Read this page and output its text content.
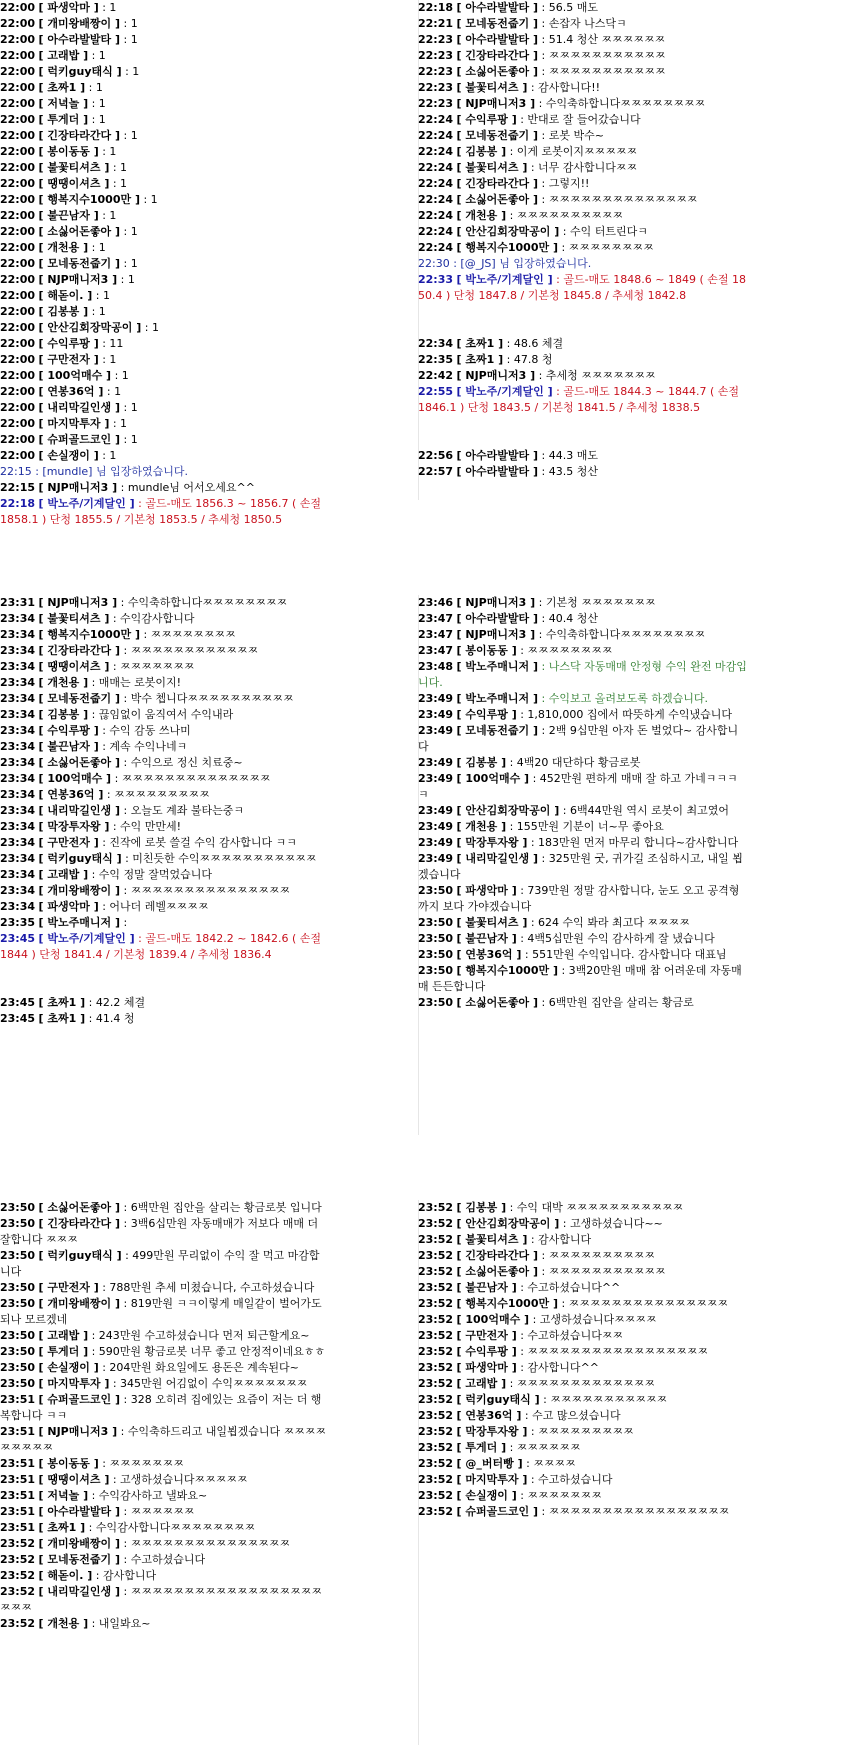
22:00 [ 파생악마 ] : 1
22:00 [ 개미왕배짱이 ] : 1
22:00 [ 아수라발발타 ] : 1
22:00 [ 고래밥 ] : 1
22:00 [ 럭키guy태식 ] : 1
22:00 [ 초짜1 ] : 1
22:00 [ 저녁놀 ] : 1
22:00 [ 투게더 ] : 1
22:00 [ 긴장타라간다 ] : 1
22:00 [ 봉이동동 ] : 1
22:00 [ 불꽃티셔츠 ] : 1
22:00 [ 땡땡이셔츠 ] : 1
22:00 [ 행복지수1000만 ] : 1
22:00 [ 불끈남자 ] : 1
22:00 [ 소싫어돈좋아 ] : 1
22:00 [ 개천용 ] : 1
22:00 [ 모네동전줍기 ] : 1
22:00 [ NJP매니저3 ] : 1
22:00 [ 해돋이. ] : 1
22:00 [ 김봉봉 ] : 1
22:00 [ 안산김회장막공이 ] : 1
22:00 [ 수익루팡 ] : 11
22:00 [ 구만전자 ] : 1
22:00 [ 100억매수 ] : 1
22:00 [ 연봉36억 ] : 1
22:00 [ 내리막길인생 ] : 1
22:00 [ 마지막투자 ] : 1
22:00 [ 슈퍼골드코인 ] : 1
22:00 [ 손실쟁이 ] : 1
22:15 : [mundle] 님 입장하였습니다.
22:15 [ NJP매니저3 ] : mundle님 어서오세요^^
22:18 [ 박노주/기계달인 ] : 골드-매도 1856.3 ~ 1856.7 ( 손절 1858.1 ) 단청 1855.5 / 기본청 1853.5 / 추세청 1850.5
22:18 [ 아수라발발타 ] : 56.5 매도
22:21 [ 모네동전줍기 ] : 손잡자 나스닥ㅋ
22:23 [ 아수라발발타 ] : 51.4 청산 ㅉㅉㅉㅉㅉㅉ
22:23 [ 긴장타라간다 ] : ㅉㅉㅉㅉㅉㅉㅉㅉㅉㅉㅉ
22:23 [ 소싫어돈좋아 ] : ㅉㅉㅉㅉㅉㅉㅉㅉㅉㅉㅉ
22:23 [ 불꽃티셔츠 ] : 감사합니다!!
22:23 [ NJP매니저3 ] : 수익축하합니다ㅉㅉㅉㅉㅉㅉㅉㅉ
22:24 [ 수익루팡 ] : 반대로 잘 들어갔습니다
22:24 [ 모네동전줍기 ] : 로봇 박수~
22:24 [ 김봉봉 ] : 이게 로봇이지ㅉㅉㅉㅉㅉ
22:24 [ 불꽃티셔츠 ] : 너무 감사합니다ㅉㅉ
22:24 [ 긴장타라간다 ] : 그렇지!!
22:24 [ 소싫어돈좋아 ] : ㅉㅉㅉㅉㅉㅉㅉㅉㅉㅉㅉㅉㅉㅉ
22:24 [ 개천용 ] : ㅉㅉㅉㅉㅉㅉㅉㅉㅉㅉ
22:24 [ 안산김회장막공이 ] : 수익 터트린다ㅋ
22:24 [ 행복지수1000만 ] : ㅉㅉㅉㅉㅉㅉㅉㅉ
22:30 : [@_JS] 님 입장하였습니다.
22:33 [ 박노주/기계달인 ] : 골드-매도 1848.6 ~ 1849 ( 손절 1850.4 ) 단청 1847.8 / 기본청 1845.8 / 추세청 1842.8
22:34 [ 초짜1 ] : 48.6 체결
22:35 [ 초짜1 ] : 47.8 청
22:42 [ NJP매니저3 ] : 추세청 ㅉㅉㅉㅉㅉㅉㅉ
22:55 [ 박노주/기계달인 ] : 골드-매도 1844.3 ~ 1844.7 ( 손절 1846.1 ) 단청 1843.5 / 기본청 1841.5 / 추세청 1838.5
22:56 [ 아수라발발타 ] : 44.3 매도
22:57 [ 아수라발발타 ] : 43.5 청산
23:31 [ NJP매니저3 ] : 수익축하합니다ㅉㅉㅉㅉㅉㅉㅉㅉ
23:34 [ 불꽃티셔츠 ] : 수익감사합니다
23:34 [ 행복지수1000만 ] : ㅉㅉㅉㅉㅉㅉㅉㅉ
23:34 [ 긴장타라간다 ] : ㅉㅉㅉㅉㅉㅉㅉㅉㅉㅉㅉㅉ
23:34 [ 땡땡이셔츠 ] : ㅉㅉㅉㅉㅉㅉㅉ
23:34 [ 개천용 ] : 매매는 로봇이지!
23:34 [ 모네동전줍기 ] : 박수 쳅니다ㅉㅉㅉㅉㅉㅉㅉㅉㅉㅉ
23:34 [ 김봉봉 ] : 끊임없이 움직여서 수익내라
23:34 [ 수익루팡 ] : 수익 감동 쓰나미
23:34 [ 불끈남자 ] : 계속 수익나네ㅋ
23:34 [ 소싫어돈좋아 ] : 수익으로 정신 치료중~
23:34 [ 100억매수 ] : ㅉㅉㅉㅉㅉㅉㅉㅉㅉㅉㅉㅉㅉㅉ
23:34 [ 연봉36억 ] : ㅉㅉㅉㅉㅉㅉㅉㅉㅉ
23:34 [ 내리막길인생 ] : 오늘도 계좌 불타는중ㅋ
23:34 [ 막장투자왕 ] : 수익 만만세!
23:34 [ 구만전자 ] : 진작에 로봇 쓸걸 수익 감사합니다 ㅋㅋ
23:34 [ 럭키guy태식 ] : 미친듯한 수익ㅉㅉㅉㅉㅉㅉㅉㅉㅉㅉㅉ
23:34 [ 고래밥 ] : 수익 정말 잘먹었습니다
23:34 [ 개미왕배짱이 ] : ㅉㅉㅉㅉㅉㅉㅉㅉㅉㅉㅉㅉㅉㅉㅉ
23:34 [ 파생악마 ] : 어나더 레벨ㅉㅉㅉㅉ
23:35 [ 박노주매니저 ] :
23:45 [ 박노주/기계달인 ] : 골드-매도 1842.2 ~ 1842.6 ( 손절 1844 ) 단청 1841.4 / 기본청 1839.4 / 추세청 1836.4
23:45 [ 초짜1 ] : 42.2 체결
23:45 [ 초짜1 ] : 41.4 청
23:46 [ NJP매니저3 ] : 기본청 ㅉㅉㅉㅉㅉㅉㅉ
23:47 [ 아수라발발타 ] : 40.4 청산
23:47 [ NJP매니저3 ] : 수익축하합니다ㅉㅉㅉㅉㅉㅉㅉㅉ
23:47 [ 봉이동동 ] : ㅉㅉㅉㅉㅉㅉㅉㅉ
23:48 [ 박노주매니저 ] : 나스닥 자동매매 안정형 수익 완전 마감입니다.
23:49 [ 박노주매니저 ] : 수익보고 올려보도록 하겠습니다.
23:49 [ 수익루팡 ] : 1,810,000 집에서 따뜻하게 수익냈습니다
23:49 [ 모네동전줍기 ] : 2백 9십만원 아자 돈 벌었다~ 감사합니다
23:49 [ 김봉봉 ] : 4백20 대단하다 황금로봇
23:49 [ 100억매수 ] : 452만원 편하게 매매 잘 하고 가네ㅋㅋㅋㅋ
23:49 [ 안산김회장막공이 ] : 6백44만원 역시 로봇이 최고였어
23:49 [ 개천용 ] : 155만원 기분이 너~무 좋아요
23:49 [ 막장투자왕 ] : 183만원 먼저 마무리 합니다~감사합니다
23:49 [ 내리막길인생 ] : 325만원 굿, 귀가길 조심하시고, 내일 뵙겠습니다
23:50 [ 파생악마 ] : 739만원 정말 감사합니다, 눈도 오고 공격형까지 보다 가야겠습니다
23:50 [ 불꽃티셔츠 ] : 624 수익 봐라 최고다 ㅉㅉㅉㅉ
23:50 [ 불끈남자 ] : 4백5십만원 수익 감사하게 잘 냈습니다
23:50 [ 연봉36억 ] : 551만원 수익입니다. 감사합니다 대표님
23:50 [ 행복지수1000만 ] : 3백20만원 매매 참 어려운데 자동매매 든든합니다
23:50 [ 소싫어돈좋아 ] : 6백만원 집안을 살리는 황금로
23:50 [ 소싫어돈좋아 ] : 6백만원 집안을 살리는 황금로봇 입니다
23:50 [ 긴장타라간다 ] : 3백6십만원 자동매매가 저보다 매매 더 잘합니다 ㅉㅉㅉ
23:50 [ 럭키guy태식 ] : 499만원 무리없이 수익 잘 먹고 마감합니다
23:50 [ 구만전자 ] : 788만원 추세 미쳤습니다, 수고하셨습니다
23:50 [ 개미왕배짱이 ] : 819만원 ㅋㅋ이렇게 매일같이 벌어가도 되나 모르겠네
23:50 [ 고래밥 ] : 243만원 수고하셨습니다 먼저 퇴근할게요~
23:50 [ 투게더 ] : 590만원 황금로봇 너무 좋고 안정적이네요ㅎㅎ
23:50 [ 손실쟁이 ] : 204만원 화요일에도 용돈은 계속된다~
23:50 [ 마지막투자 ] : 345만원 어김없이 수익ㅉㅉㅉㅉㅉㅉㅉ
23:51 [ 슈퍼골드코인 ] : 328 오히려 집에있는 요즘이 저는 더 행복합니다 ㅋㅋ
23:51 [ NJP매니저3 ] : 수익축하드리고 내일뵙겠습니다 ㅉㅉㅉㅉㅉㅉㅉㅉㅉ
23:51 [ 봉이동동 ] : ㅉㅉㅉㅉㅉㅉㅉ
23:51 [ 땡땡이셔츠 ] : 고생하셨습니다ㅉㅉㅉㅉㅉ
23:51 [ 저녁놀 ] : 수익감사하고 낼봐요~
23:51 [ 아수라발발타 ] : ㅉㅉㅉㅉㅉㅉ
23:51 [ 초짜1 ] : 수익감사합니다ㅉㅉㅉㅉㅉㅉㅉㅉ
23:52 [ 개미왕배짱이 ] : ㅉㅉㅉㅉㅉㅉㅉㅉㅉㅉㅉㅉㅉㅉㅉ
23:52 [ 모네동전줍기 ] : 수고하셨습니다
23:52 [ 해돋이. ] : 감사합니다
23:52 [ 내리막길인생 ] : ㅉㅉㅉㅉㅉㅉㅉㅉㅉㅉㅉㅉㅉㅉㅉㅉㅉㅉㅉㅉㅉ
23:52 [ 개천용 ] : 내일봐요~
23:52 [ 김봉봉 ] : 수익 대박 ㅉㅉㅉㅉㅉㅉㅉㅉㅉㅉㅉ
23:52 [ 안산김회장막공이 ] : 고생하셨습니다~~
23:52 [ 불꽃티셔츠 ] : 감사합니다
23:52 [ 긴장타라간다 ] : ㅉㅉㅉㅉㅉㅉㅉㅉㅉㅉ
23:52 [ 소싫어돈좋아 ] : ㅉㅉㅉㅉㅉㅉㅉㅉㅉㅉㅉ
23:52 [ 불끈남자 ] : 수고하셨습니다^^
23:52 [ 행복지수1000만 ] : ㅉㅉㅉㅉㅉㅉㅉㅉㅉㅉㅉㅉㅉㅉㅉ
23:52 [ 100억매수 ] : 고생하셨습니다ㅉㅉㅉㅉ
23:52 [ 구만전자 ] : 수고하셨습니다ㅉㅉ
23:52 [ 수익루팡 ] : ㅉㅉㅉㅉㅉㅉㅉㅉㅉㅉㅉㅉㅉㅉㅉㅉㅉ
23:52 [ 파생악마 ] : 감사합니다^^
23:52 [ 고래밥 ] : ㅉㅉㅉㅉㅉㅉㅉㅉㅉㅉㅉㅉㅉ
23:52 [ 럭키guy태식 ] : ㅉㅉㅉㅉㅉㅉㅉㅉㅉㅉㅉ
23:52 [ 연봉36억 ] : 수고 많으셨습니다
23:52 [ 막장투자왕 ] : ㅉㅉㅉㅉㅉㅉㅉㅉㅉ
23:52 [ 투게더 ] : ㅉㅉㅉㅉㅉㅉ
23:52 [ @_버터빵 ] : ㅉㅉㅉㅉ
23:52 [ 마지막투자 ] : 수고하셨습니다
23:52 [ 손실쟁이 ] : ㅉㅉㅉㅉㅉㅉㅉ
23:52 [ 슈퍼골드코인 ] : ㅉㅉㅉㅉㅉㅉㅉㅉㅉㅉㅉㅉㅉㅉㅉㅉㅉ
